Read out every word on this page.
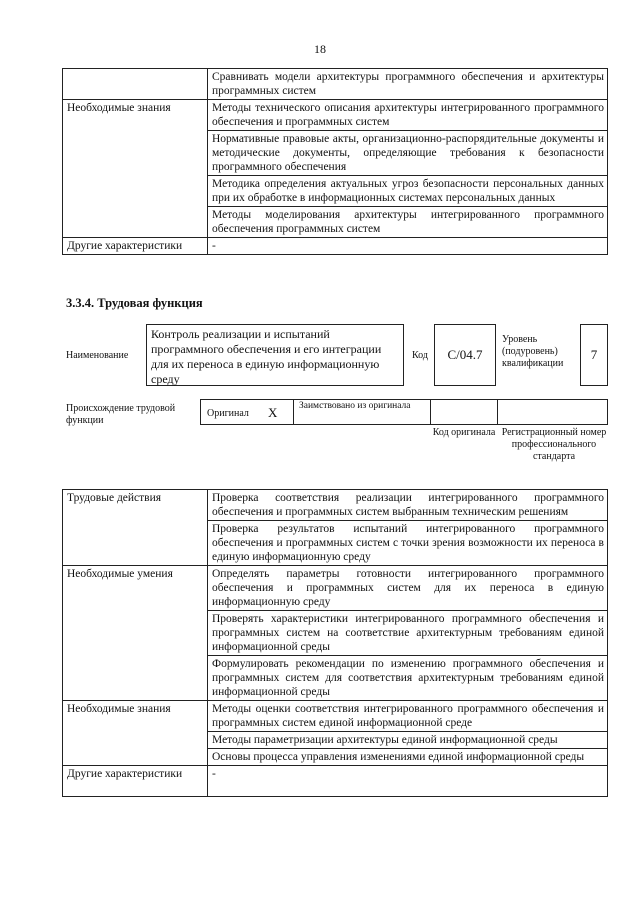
18
	Сравнивать модели архитектуры программного обеспечения и архитектуры программных систем
Необходимые знания	Методы технического описания архитектуры интегрированного программного обеспечения и программных систем
	Нормативные правовые акты, организационно-распорядительные документы и методические документы, определяющие требования к безопасности программного обеспечения
	Методика определения актуальных угроз безопасности персональных данных при их обработке в информационных системах персональных данных
	Методы моделирования архитектуры интегрированного программного обеспечения программных систем
Другие характеристики	-
3.3.4. Трудовая функция
Наименование
Контроль реализации и испытаний программного обеспечения и его интеграции для их переноса в единую информационную среду
Код	C/04.7
Уровень (подуровень) квалификации
7
Происхождение трудовой функции
Оригинал X Заимствовано из оригинала
Код оригинала Регистрационный номер профессионального стандарта
Трудовые действия	Проверка соответствия реализации интегрированного программного обеспечения и программных систем выбранным техническим решениям
	Проверка результатов испытаний интегрированного программного обеспечения и программных систем с точки зрения возможности их переноса в единую информационную среду
Необходимые умения	Определять параметры готовности интегрированного программного обеспечения и программных систем для их переноса в единую информационную среду
	Проверять характеристики интегрированного программного обеспечения и программных систем на соответствие архитектурным требованиям единой информационной среды
	Формулировать рекомендации по изменению программного обеспечения и программных систем для соответствия архитектурным требованиям единой информационной среды
Необходимые знания	Методы оценки соответствия интегрированного программного обеспечения и программных систем единой информационной среде
	Методы параметризации архитектуры единой информационной среды
	Основы процесса управления изменениями единой информационной среды
Другие характеристики	-
